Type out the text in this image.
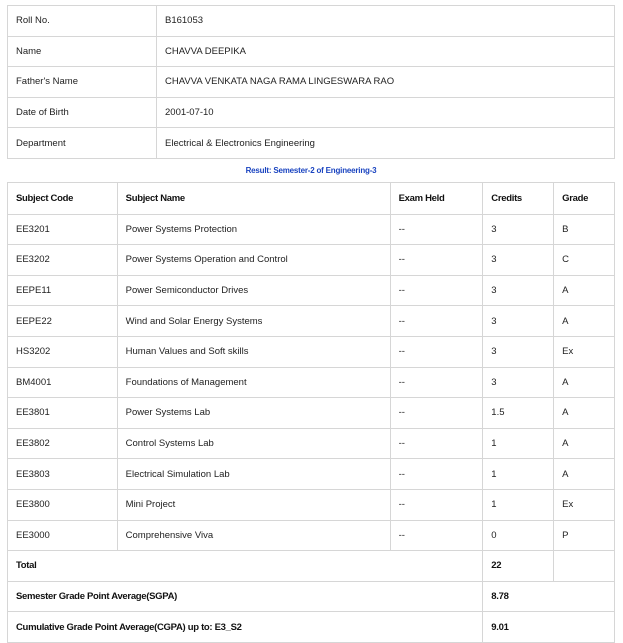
Roll No.	B161053
Name	CHAVVA DEEPIKA
Father's Name	CHAVVA VENKATA NAGA RAMA LINGESWARA RAO
Date of Birth	2001-07-10
Department	Electrical & Electronics Engineering
Result: Semester-2 of Engineering-3
Subject Code	Subject Name	Exam Held	Credits	Grade
EE3201	Power Systems Protection	--	3	B
EE3202	Power Systems Operation and Control	--	3	C
EEPE11	Power Semiconductor Drives	--	3	A
EEPE22	Wind and Solar Energy Systems	--	3	A
HS3202	Human Values and Soft skills	--	3	Ex
BM4001	Foundations of Management	--	3	A
EE3801	Power Systems Lab	--	1.5	A
EE3802	Control Systems Lab	--	1	A
EE3803	Electrical Simulation Lab	--	1	A
EE3800	Mini Project	--	1	Ex
EE3000	Comprehensive Viva	--	0	P
Total			22	
Semester Grade Point Average(SGPA)			8.78	
Cumulative Grade Point Average(CGPA) up to: E3_S2			9.01	
